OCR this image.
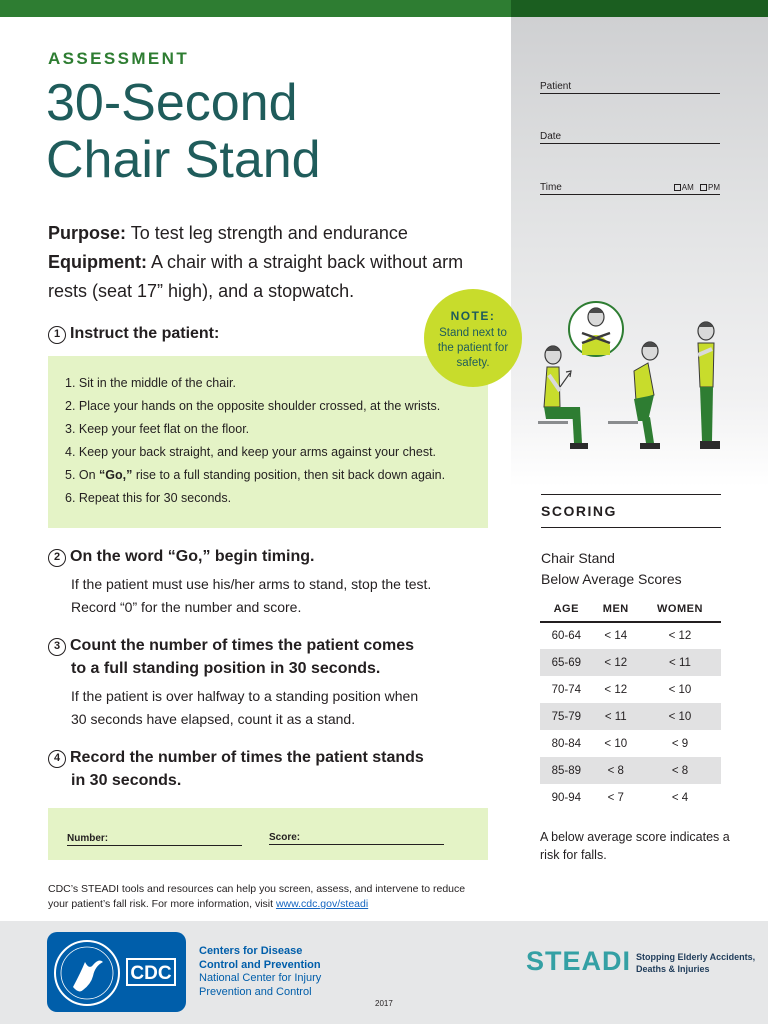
ASSESSMENT
30-Second
Chair Stand
Purpose: To test leg strength and endurance
Equipment: A chair with a straight back without arm rests (seat 17” high), and a stopwatch.
1 Instruct the patient:
1. Sit in the middle of the chair.
2. Place your hands on the opposite shoulder crossed, at the wrists.
3. Keep your feet flat on the floor.
4. Keep your back straight, and keep your arms against your chest.
5. On “Go,” rise to a full standing position, then sit back down again.
6. Repeat this for 30 seconds.
NOTE:
Stand next to the patient for safety.
2 On the word “Go,” begin timing.
If the patient must use his/her arms to stand, stop the test.
Record “0” for the number and score.
3 Count the number of times the patient comes
to a full standing position in 30 seconds.
If the patient is over halfway to a standing position when
30 seconds have elapsed, count it as a stand.
4 Record the number of times the patient stands
in 30 seconds.
Number:	Score:
Patient
Date
Time	AM PM
SCORING
Chair Stand
Below Average Scores
AGE	MEN	WOMEN
60-64	< 14	< 12
65-69	< 12	< 11
70-74	< 12	< 10
75-79	< 11	< 10
80-84	< 10	< 9
85-89	< 8	< 8
90-94	< 7	< 4
A below average score indicates a risk for falls.
CDC’s STEADI tools and resources can help you screen, assess, and intervene to reduce your patient’s fall risk. For more information, visit www.cdc.gov/steadi
CDC
Centers for Disease
Control and Prevention
National Center for Injury
Prevention and Control
2017
STEADI Stopping Elderly Accidents,
Deaths & Injuries
